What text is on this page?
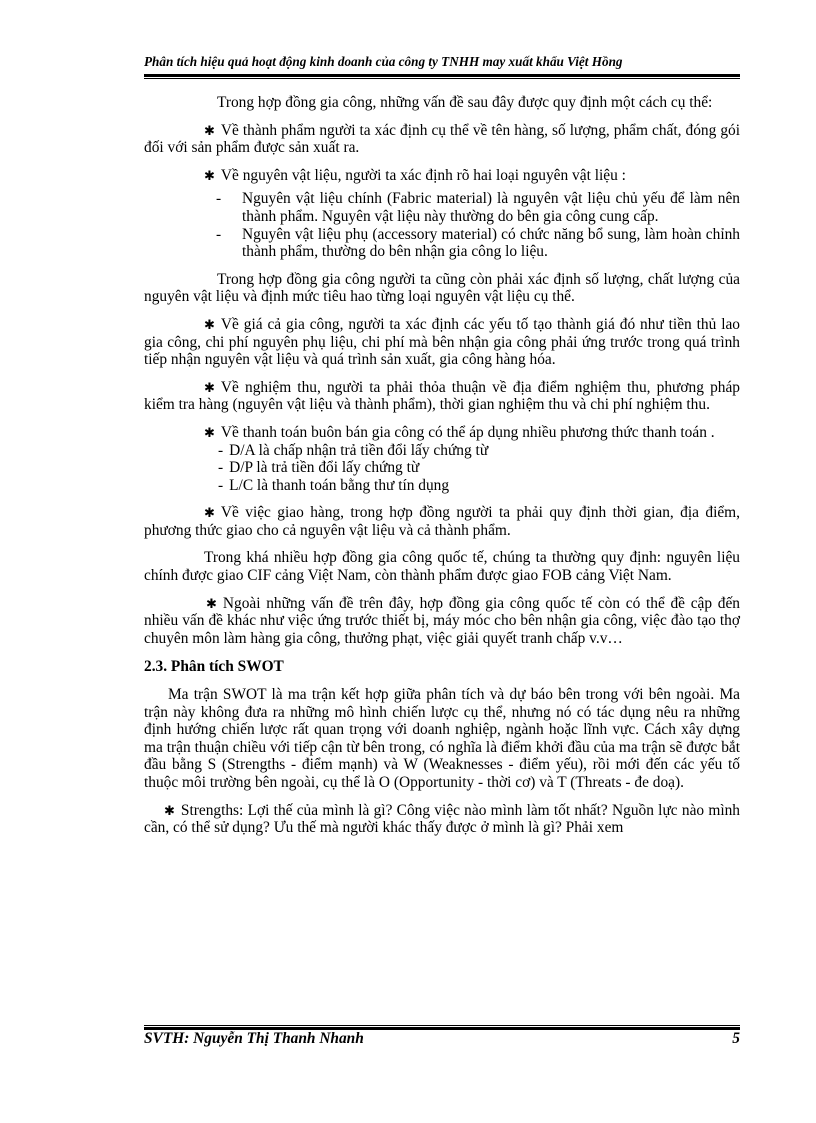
Phân tích hiệu quả hoạt động kinh doanh của công ty TNHH may xuất khẩu Việt Hồng

Trong hợp đồng gia công, những vấn đề sau đây được quy định một cách cụ thể:

✱ Về thành phẩm người ta xác định cụ thể về tên hàng, số lượng, phẩm chất, đóng gói đối với sản phẩm được sản xuất ra.

✱ Về nguyên vật liệu, người ta xác định rõ hai loại nguyên vật liệu :

- Nguyên vật liệu chính (Fabric material) là nguyên vật liệu chủ yếu để làm nên thành phẩm. Nguyên vật liệu này thường do bên gia công cung cấp.

- Nguyên vật liệu phụ (accessory material) có chức năng bổ sung, làm hoàn chỉnh thành phẩm, thường do bên nhận gia công lo liệu.

Trong hợp đồng gia công người ta cũng còn phải xác định số lượng, chất lượng của nguyên vật liệu và định mức tiêu hao từng loại nguyên vật liệu cụ thể.

✱ Về giá cả gia công, người ta xác định các yếu tố tạo thành giá đó như tiền thủ lao gia công, chi phí nguyên phụ liệu, chi phí mà bên nhận gia công phải ứng trước trong quá trình tiếp nhận nguyên vật liệu và quá trình sản xuất, gia công hàng hóa.

✱ Về nghiệm thu, người ta phải thỏa thuận về địa điểm nghiệm thu, phương pháp kiểm tra hàng (nguyên vật liệu và thành phẩm), thời gian nghiệm thu và chi phí nghiệm thu.

✱ Về thanh toán buôn bán gia công có thể áp dụng nhiều phương thức thanh toán .

- D/A là chấp nhận trả tiền đổi lấy chứng từ

- D/P là trả tiền đổi lấy chứng từ

- L/C là thanh toán bằng thư tín dụng

✱ Về việc giao hàng, trong hợp đồng người ta phải quy định thời gian, địa điểm, phương thức giao cho cả nguyên vật liệu và cả thành phẩm.

Trong khá nhiều hợp đồng gia công quốc tế, chúng ta thường quy định: nguyên liệu chính được giao CIF cảng Việt Nam, còn thành phẩm được giao FOB cảng Việt Nam.

✱ Ngoài những vấn đề trên đây, hợp đồng gia công quốc tế còn có thể đề cập đến nhiều vấn đề khác như việc ứng trước thiết bị, máy móc cho bên nhận gia công, việc đào tạo thợ chuyên môn làm hàng gia công, thưởng phạt, việc giải quyết tranh chấp v.v…

2.3. Phân tích SWOT

Ma trận SWOT là ma trận kết hợp giữa phân tích và dự báo bên trong với bên ngoài. Ma trận này không đưa ra những mô hình chiến lược cụ thể, nhưng nó có tác dụng nêu ra những định hướng chiến lược rất quan trọng với doanh nghiệp, ngành hoặc lĩnh vực. Cách xây dựng ma trận thuận chiều với tiếp cận từ bên trong, có nghĩa là điểm khởi đầu của ma trận sẽ được bắt đầu bằng S (Strengths - điểm mạnh) và W (Weaknesses - điểm yếu), rồi mới đến các yếu tố thuộc môi trường bên ngoài, cụ thể là O (Opportunity - thời cơ) và T (Threats - đe doạ).

✱ Strengths: Lợi thế của mình là gì? Công việc nào mình làm tốt nhất? Nguồn lực nào mình cần, có thể sử dụng? Ưu thế mà người khác thấy được ở mình là gì? Phải xem

SVTH: Nguyễn Thị Thanh Nhanh	5
